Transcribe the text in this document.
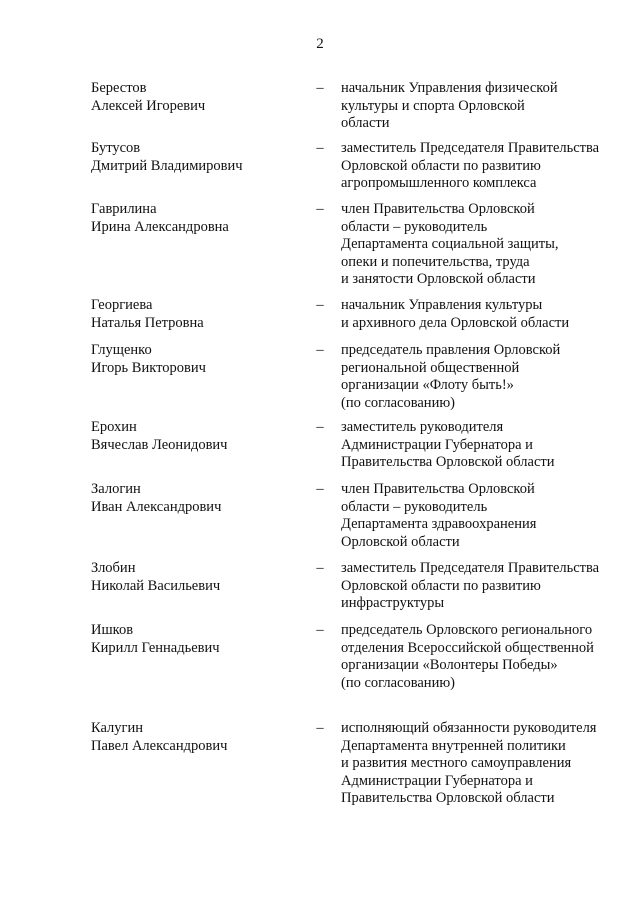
2
Берестов
Алексей Игоревич
– начальник Управления физической
культуры и спорта Орловской
области
Бутусов
Дмитрий Владимирович
– заместитель Председателя Правительства
Орловской области по развитию
агропромышленного комплекса
Гаврилина
Ирина Александровна
– член Правительства Орловской
области – руководитель
Департамента социальной защиты,
опеки и попечительства, труда
и занятости Орловской области
Георгиева
Наталья Петровна
– начальник Управления культуры
и архивного дела Орловской области
Глущенко
Игорь Викторович
– председатель правления Орловской
региональной общественной
организации «Флоту быть!»
(по согласованию)
Ерохин
Вячеслав Леонидович
– заместитель руководителя
Администрации Губернатора и
Правительства Орловской области
Залогин
Иван Александрович
– член Правительства Орловской
области – руководитель
Департамента здравоохранения
Орловской области
Злобин
Николай Васильевич
– заместитель Председателя Правительства
Орловской области по развитию
инфраструктуры
Ишков
Кирилл Геннадьевич
– председатель Орловского регионального
отделения Всероссийской общественной
организации «Волонтеры Победы»
(по согласованию)
Калугин
Павел Александрович
– исполняющий обязанности руководителя
Департамента внутренней политики
и развития местного самоуправления
Администрации Губернатора и
Правительства Орловской области
